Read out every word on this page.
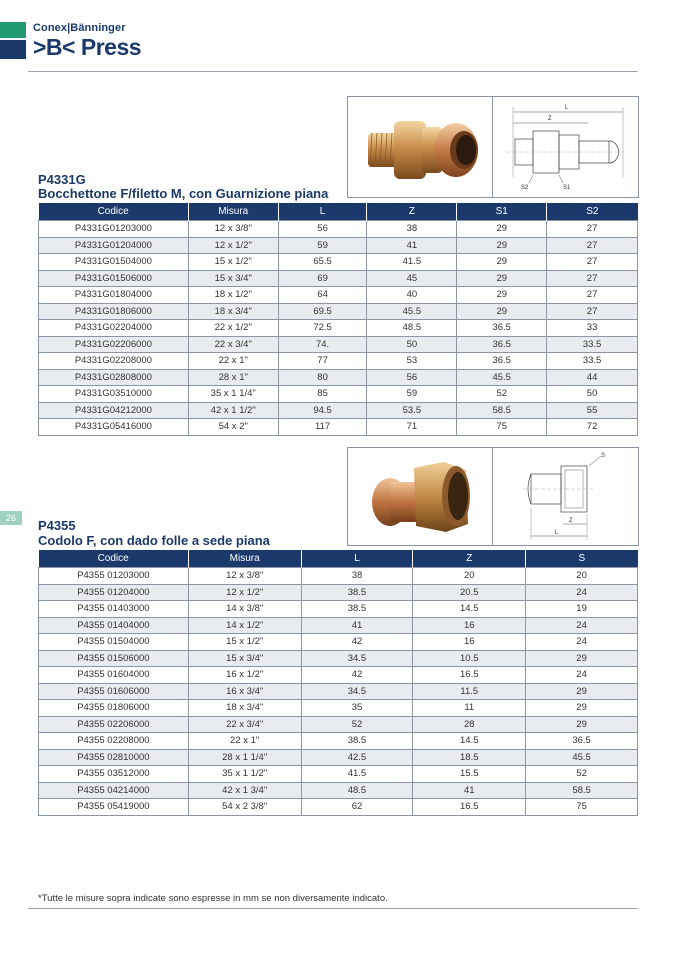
Conex|Bänninger
>B< Press
26
L
Z
S2	S1
P4331G
Bocchettone F/filetto M, con Guarnizione piana
Codice	Misura	L	Z	S1	S2
P4331G01203000	12 x 3/8"	56	38	29	27
P4331G01204000	12 x 1/2"	59	41	29	27
P4331G01504000	15 x 1/2"	65.5	41.5	29	27
P4331G01506000	15 x 3/4"	69	45	29	27
P4331G01804000	18 x 1/2"	64	40	29	27
P4331G01806000	18 x 3/4"	69.5	45.5	29	27
P4331G02204000	22 x 1/2"	72.5	48.5	36.5	33
P4331G02206000	22 x 3/4"	74.	50	36.5	33.5
P4331G02208000	22 x 1"	77	53	36.5	33.5
P4331G02808000	28 x 1"	80	56	45.5	44
P4331G03510000	35 x 1 1/4"	85	59	52	50
P4331G04212000	42 x 1 1/2"	94.5	53.5	58.5	55
P4331G05416000	54 x 2"	117	71	75	72
S
Z
L
P4355
Codolo F, con dado folle a sede piana
Codice	Misura	L	Z	S
P4355 01203000	12 x 3/8"	38	20	20
P4355 01204000	12 x 1/2"	38.5	20.5	24
P4355 01403000	14 x 3/8"	38.5	14.5	19
P4355 01404000	14 x 1/2"	41	16	24
P4355 01504000	15 x 1/2"	42	16	24
P4355 01506000	15 x 3/4"	34.5	10.5	29
P4355 01604000	16 x 1/2"	42	16.5	24
P4355 01606000	16 x 3/4"	34.5	11.5	29
P4355 01806000	18 x 3/4"	35	11	29
P4355 02206000	22 x 3/4"	52	28	29
P4355 02208000	22 x 1"	38.5	14.5	36.5
P4355 02810000	28 x 1 1/4"	42.5	18.5	45.5
P4355 03512000	35 x 1 1/2"	41.5	15.5	52
P4355 04214000	42 x 1 3/4"	48.5	41	58.5
P4355 05419000	54 x 2 3/8"	62	16.5	75
*Tutte le misure sopra indicate sono espresse in mm se non diversamente indicato.
